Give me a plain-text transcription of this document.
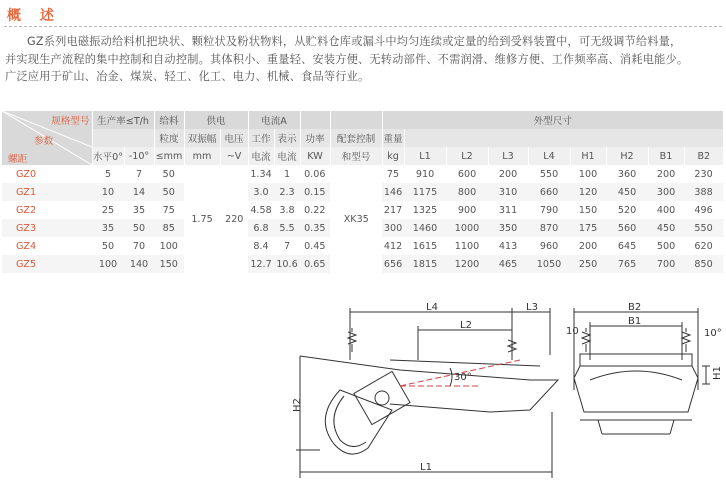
概 述

GZ系列电磁振动给料机把块状、颗粒状及粉状物料，从贮料仓库或漏斗中均匀连续或定量的给到受料装置中，可无级调节给料量，

并实现生产流程的集中控制和自动控制。其体积小、重量轻、安装方便、无转动部件、不需润滑、维修方便、工作频率高、消耗电能少。

广泛应用于矿山、冶金、煤炭、轻工、化工、电力、机械、食品等行业。

规格型号
参数
螺距	生产率≤T/h		给料	供电		电流A				外型尺寸								
			粒度	双振幅	电压	工作	表示	功率	配套控制	重量								
	水平0°	-10°	≤mm	mm	~V	电流	电流	KW	和型号	kg	L1	L2	L3	L4	H1	H2	B1	B2
GZ0	5	7	50	1.75	220	1.34	1	0.06	XK35	75	910	600	200	550	100	360	200	230
GZ1	10	14	50			3.0	2.3	0.15		146	1175	800	310	660	120	450	300	388
GZ2	25	35	75			4.58	3.8	0.22		217	1325	900	311	790	150	520	400	496
GZ3	35	50	85			6.8	5.5	0.35		300	1460	1000	350	870	175	560	450	550
GZ4	50	70	100			8.4	7	0.45		412	1615	1100	413	960	200	645	500	620
GZ5	100	140	150			12.7	10.6	0.65		656	1815	1200	465	1050	250	765	700	850
L4	L3
L2
L1
H2
30°
B2
B1
10	10°
H1
